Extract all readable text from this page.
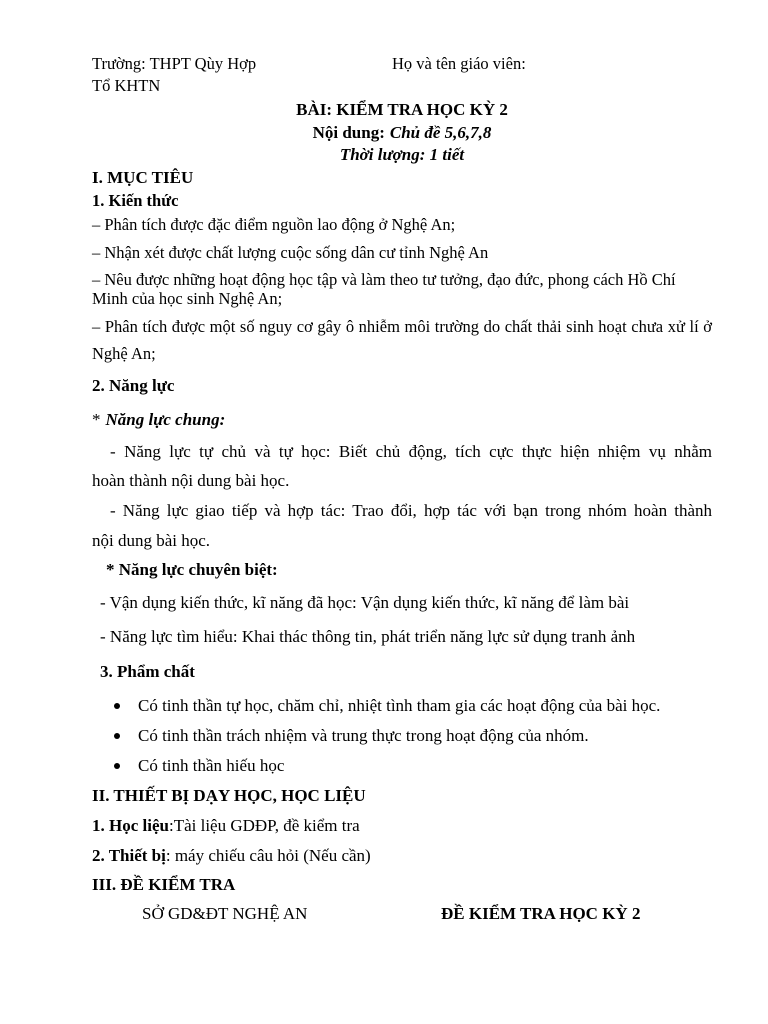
Trường: THPT Qùy Hợp	Họ và tên giáo viên:
Tổ KHTN
BÀI: KIỂM TRA HỌC KỲ 2
Nội dung: Chủ đề 5,6,7,8
Thời lượng: 1 tiết
I. MỤC TIÊU
1. Kiến thức
– Phân tích được đặc điểm nguồn lao động ở Nghệ An;
– Nhận xét được chất lượng cuộc sống dân cư tỉnh Nghệ An
– Nêu được những hoạt động học tập và làm theo tư tưởng, đạo đức, phong cách Hồ Chí
Minh của học sinh Nghệ An;
– Phân tích được một số nguy cơ gây ô nhiễm môi trường do chất thải sinh hoạt chưa xử lí ở
Nghệ An;
2. Năng lực
* Năng lực chung:
- Năng lực tự chủ và tự học: Biết chủ động, tích cực thực hiện nhiệm vụ nhằm
hoàn thành nội dung bài học.
- Năng lực giao tiếp và hợp tác: Trao đổi, hợp tác với bạn trong nhóm hoàn thành
nội dung bài học.
* Năng lực chuyên biệt:
- Vận dụng kiến thức, kĩ năng đã học: Vận dụng kiến thức, kĩ năng để làm bài
- Năng lực tìm hiểu: Khai thác thông tin, phát triển năng lực sử dụng tranh ảnh
3. Phẩm chất
Có tinh thần tự học, chăm chỉ, nhiệt tình tham gia các hoạt động của bài học.
Có tinh thần trách nhiệm và trung thực trong hoạt động của nhóm.
Có tinh thần hiếu học
II. THIẾT BỊ DẠY HỌC, HỌC LIỆU
1. Học liệu:Tài liệu GDĐP, đề kiểm tra
2. Thiết bị: máy chiếu câu hỏi (Nếu cần)
III. ĐỀ KIỂM TRA
SỞ GD&ĐT NGHỆ AN	ĐỀ KIỂM TRA HỌC KỲ 2
